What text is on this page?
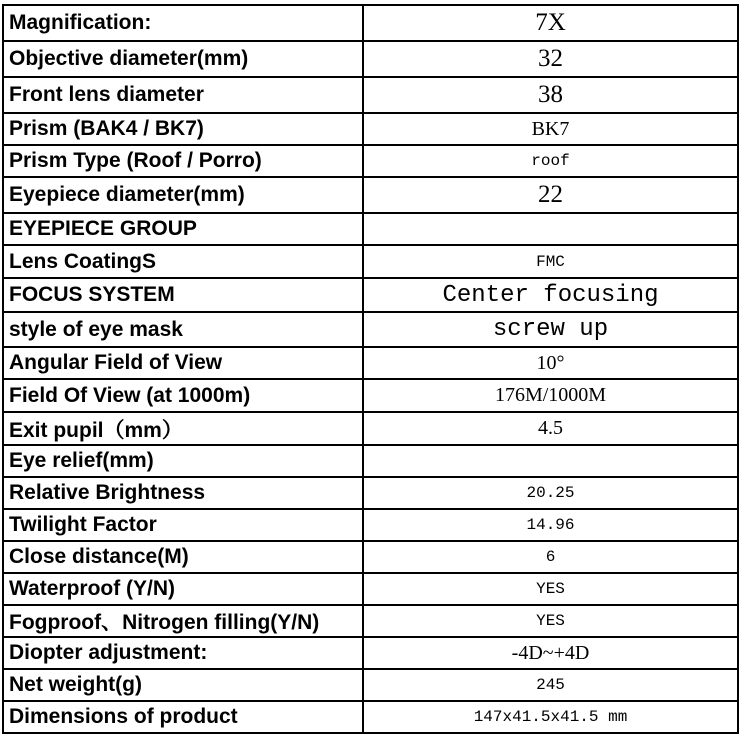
Magnification:	7X
Objective diameter(mm)	32
Front lens diameter	38
Prism (BAK4 / BK7)	BK7
Prism Type (Roof / Porro)	roof
Eyepiece diameter(mm)	22
EYEPIECE GROUP	
Lens CoatingS	FMC
FOCUS SYSTEM	Center focusing
style of eye mask	screw up
Angular Field of View	10°
Field Of View (at 1000m)	176M/1000M
Exit pupil（mm）	4.5
Eye relief(mm)	
Relative Brightness	20.25
Twilight Factor	14.96
Close distance(M)	6
Waterproof (Y/N)	YES
Fogproof、Nitrogen filling(Y/N)	YES
Diopter adjustment:	-4D~+4D
Net weight(g)	245
Dimensions of product	147x41.5x41.5 mm
